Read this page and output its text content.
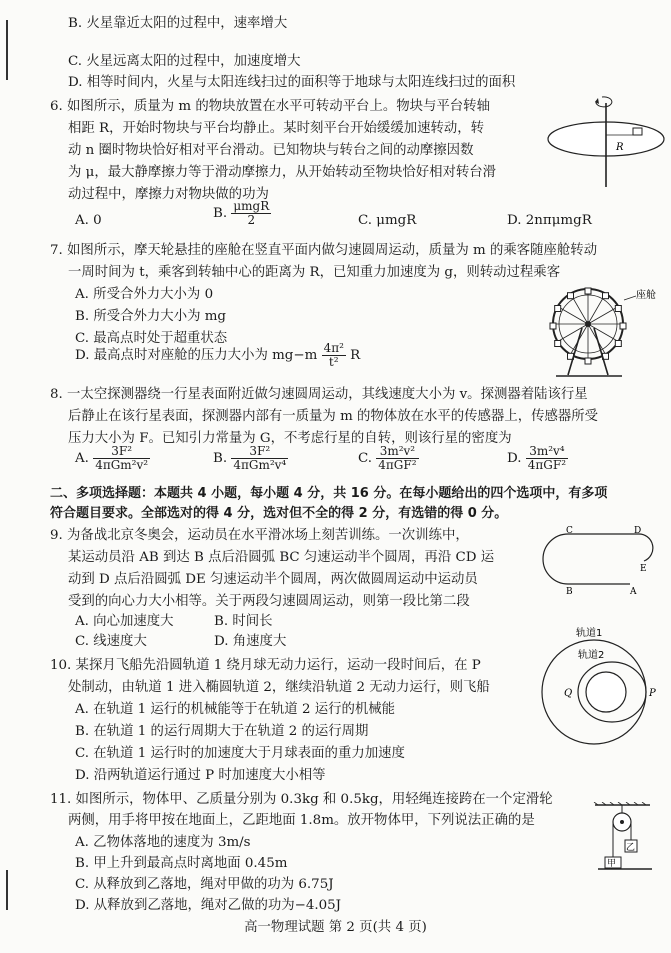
B. 火星靠近太阳的过程中，速率增大
C. 火星远离太阳的过程中，加速度增大
D. 相等时间内，火星与太阳连线扫过的面积等于地球与太阳连线扫过的面积
6. 如图所示，质量为 m 的物块放置在水平可转动平台上。物块与平台转轴
相距 R，开始时物块与平台均静止。某时刻平台开始缓缓加速转动，转
动 n 圈时物块恰好相对平台滑动。已知物块与转台之间的动摩擦因数
为 μ，最大静摩擦力等于滑动摩擦力，从开始转动至物块恰好相对转台滑
动过程中，摩擦力对物块做的功为
A. 0	B. $\frac{\text{μmgR}}{2}$	C. μmgR	D. 2nπμmgR
R
7. 如图所示，摩天轮悬挂的座舱在竖直平面内做匀速圆周运动，质量为 m 的乘客随座舱转动
一周时间为 t，乘客到转轴中心的距离为 R，已知重力加速度为 g，则转动过程乘客
A. 所受合外力大小为 0
B. 所受合外力大小为 mg
C. 最高点时处于超重状态
D. 最高点时对座舱的压力大小为 $mg-m \frac{\text{4π²}}{\text{t²}}$ R
座舱
8. 一太空探测器绕一行星表面附近做匀速圆周运动，其线速度大小为 v。探测器着陆该行星
后静止在该行星表面，探测器内部有一质量为 m 的物体放在水平的传感器上，传感器所受
压力大小为 F。已知引力常量为 G，不考虑行星的自转，则该行星的密度为
A. $\frac{\text{3F²}}{\text{4πGm²v²}}$	B. $\frac{\text{3F²}}{\text{4πGm²v⁴}}$	C. $\frac{\text{3m²v²}}{\text{4πGF²}}$	D. $\frac{\text{3m²v⁴}}{\text{4πGF²}}$
二、多项选择题：本题共 4 小题，每小题 4 分，共 16 分。在每小题给出的四个选项中，有多项
符合题目要求。全部选对的得 4 分，选对但不全的得 2 分，有选错的得 0 分。
9. 为备战北京冬奥会，运动员在水平滑冰场上刻苦训练。一次训练中，
某运动员沿 AB 到达 B 点后沿圆弧 BC 匀速运动半个圆周，再沿 CD 运
动到 D 点后沿圆弧 DE 匀速运动半个圆周，两次做圆周运动中运动员
受到的向心力大小相等。关于两段匀速圆周运动，则第一段比第二段
A. 向心加速度大	B. 时间长
C. 线速度大	D. 角速度大
A
B
C	D
E
10. 某探月飞船先沿圆轨道 1 绕月球无动力运行，运动一段时间后，在 P
处制动，由轨道 1 进入椭圆轨道 2，继续沿轨道 2 无动力运行，则飞船
A. 在轨道 1 运行的机械能等于在轨道 2 运行的机械能
B. 在轨道 1 的运行周期大于在轨道 2 的运行周期
C. 在轨道 1 运行时的加速度大于月球表面的重力加速度
D. 沿两轨道运行通过 P 时加速度大小相等
轨道1
轨道2
Q	P
11. 如图所示，物体甲、乙质量分别为 0.3kg 和 0.5kg，用轻绳连接跨在一个定滑轮
两侧，用手将甲按在地面上，乙距地面 1.8m。放开物体甲，下列说法正确的是
A. 乙物体落地的速度为 3m/s
B. 甲上升到最高点时离地面 0.45m
C. 从释放到乙落地，绳对甲做的功为 6.75J
D. 从释放到乙落地，绳对乙做的功为−4.05J
甲
乙
高一物理试题 第 2 页(共 4 页)
